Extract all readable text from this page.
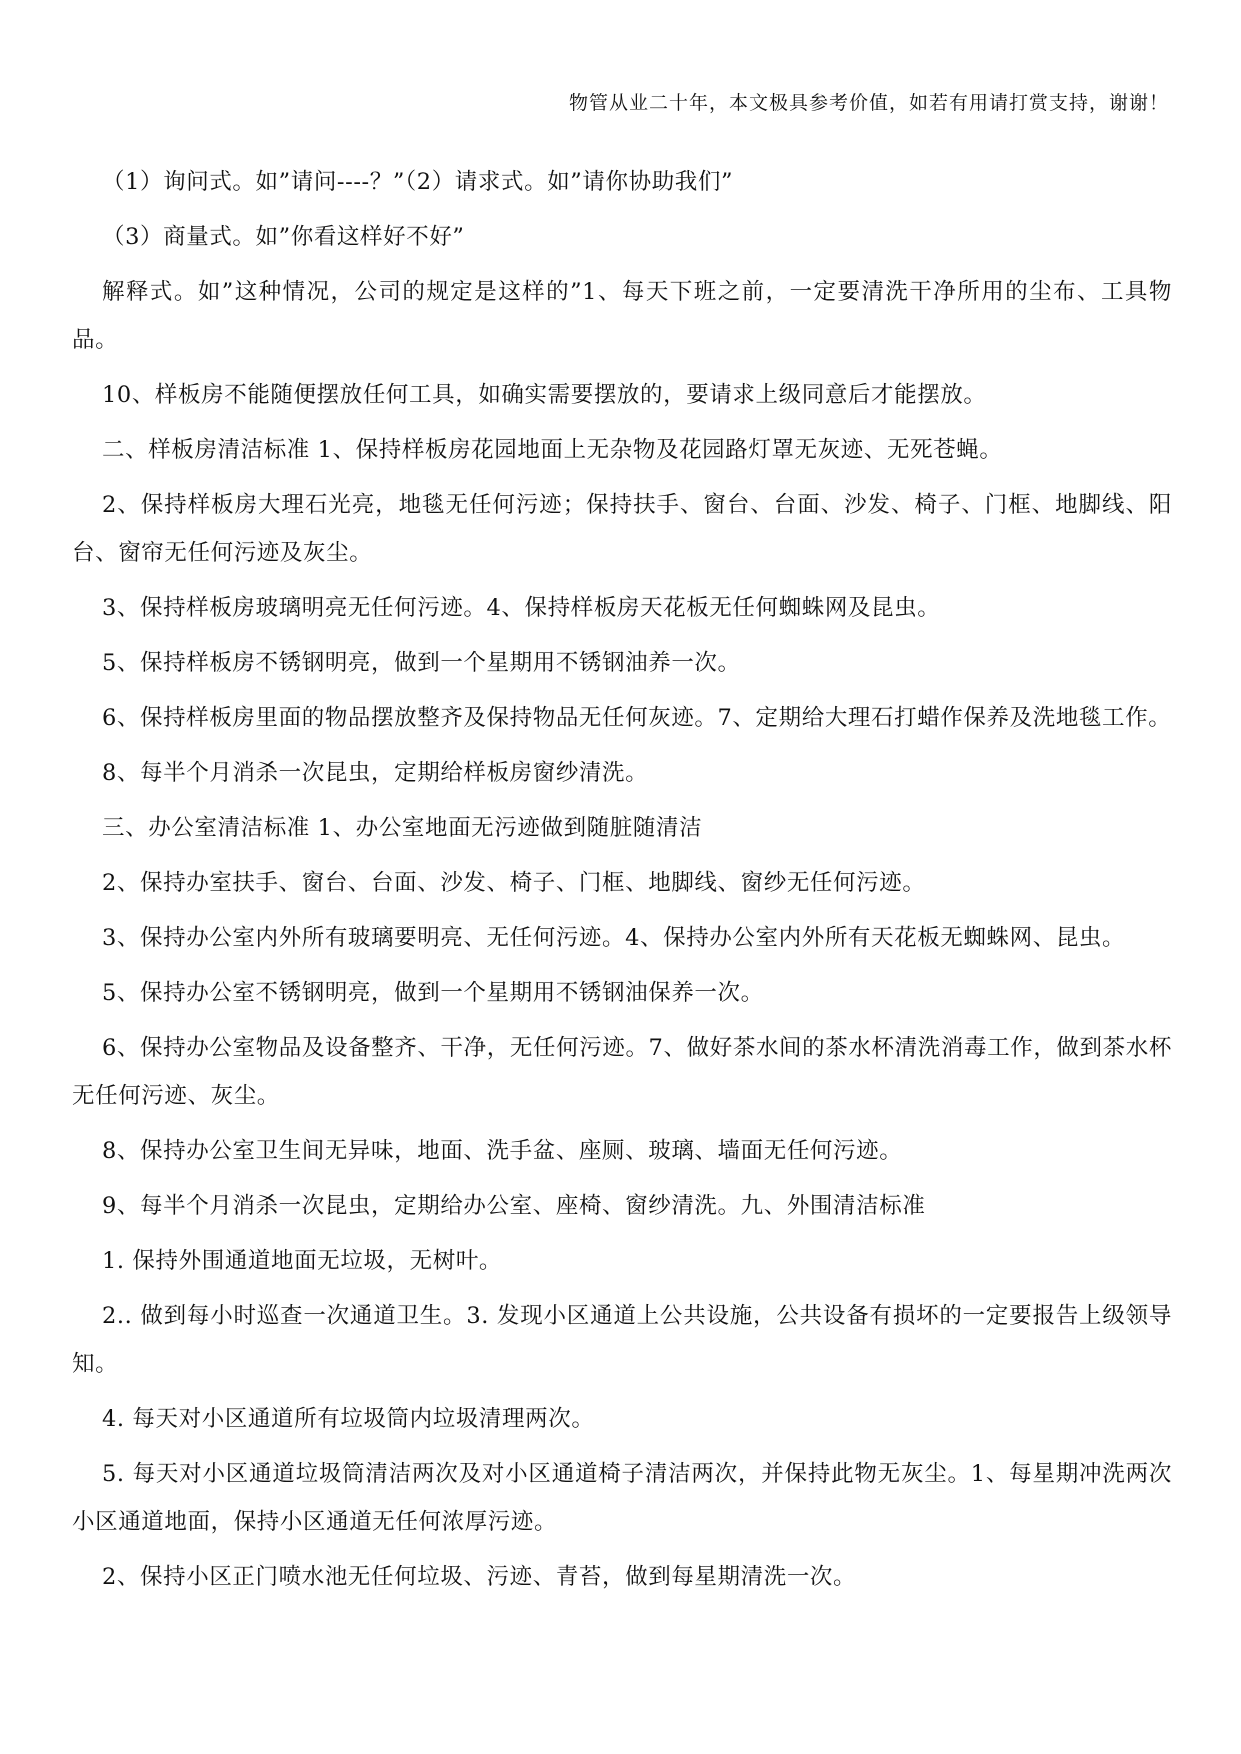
物管从业二十年，本文极具参考价值，如若有用请打赏支持，谢谢！

（1）询问式。如”请问----？”（2）请求式。如”请你协助我们”

（3）商量式。如”你看这样好不好”

解释式。如”这种情况，公司的规定是这样的”1、每天下班之前，一定要清洗干净所用的尘布、工具物品。

10、样板房不能随便摆放任何工具，如确实需要摆放的，要请求上级同意后才能摆放。

二、样板房清洁标准 1、保持样板房花园地面上无杂物及花园路灯罩无灰迹、无死苍蝇。

2、保持样板房大理石光亮，地毯无任何污迹；保持扶手、窗台、台面、沙发、椅子、门框、地脚线、阳台、窗帘无任何污迹及灰尘。

3、保持样板房玻璃明亮无任何污迹。4、保持样板房天花板无任何蜘蛛网及昆虫。

5、保持样板房不锈钢明亮，做到一个星期用不锈钢油养一次。

6、保持样板房里面的物品摆放整齐及保持物品无任何灰迹。7、定期给大理石打蜡作保养及洗地毯工作。

8、每半个月消杀一次昆虫，定期给样板房窗纱清洗。

三、办公室清洁标准 1、办公室地面无污迹做到随脏随清洁

2、保持办室扶手、窗台、台面、沙发、椅子、门框、地脚线、窗纱无任何污迹。

3、保持办公室内外所有玻璃要明亮、无任何污迹。4、保持办公室内外所有天花板无蜘蛛网、昆虫。

5、保持办公室不锈钢明亮，做到一个星期用不锈钢油保养一次。

6、保持办公室物品及设备整齐、干净，无任何污迹。7、做好茶水间的茶水杯清洗消毒工作，做到茶水杯无任何污迹、灰尘。

8、保持办公室卫生间无异味，地面、洗手盆、座厕、玻璃、墙面无任何污迹。

9、每半个月消杀一次昆虫，定期给办公室、座椅、窗纱清洗。九、外围清洁标准

1. 保持外围通道地面无垃圾，无树叶。

2.. 做到每小时巡查一次通道卫生。3. 发现小区通道上公共设施，公共设备有损坏的一定要报告上级领导知。

4. 每天对小区通道所有垃圾筒内垃圾清理两次。

5. 每天对小区通道垃圾筒清洁两次及对小区通道椅子清洁两次，并保持此物无灰尘。1、每星期冲洗两次小区通道地面，保持小区通道无任何浓厚污迹。

2、保持小区正门喷水池无任何垃圾、污迹、青苔，做到每星期清洗一次。
